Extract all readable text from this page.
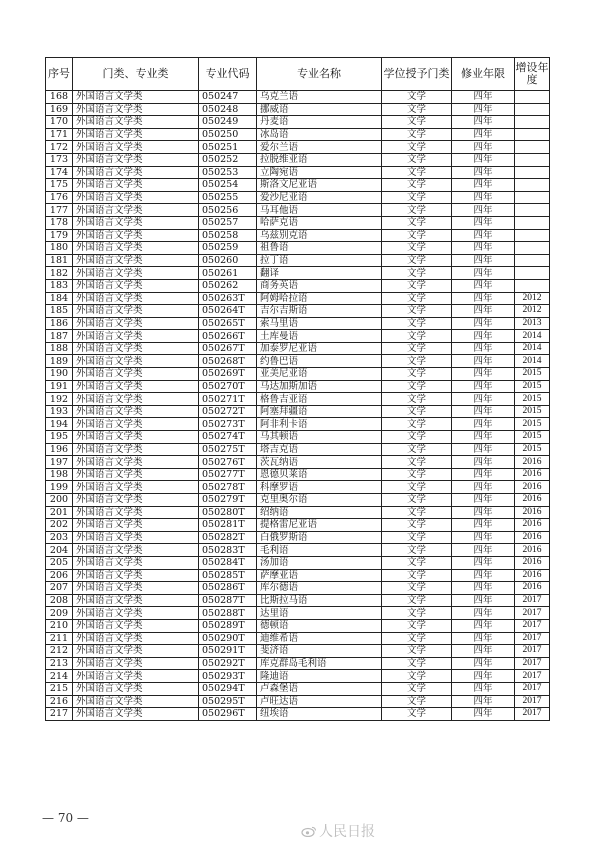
序号	门类、专业类	专业代码	专业名称	学位授予门类	修业年限	增设年度
168	外国语言文学类	050247	乌克兰语	文学	四年	
169	外国语言文学类	050248	挪威语	文学	四年	
170	外国语言文学类	050249	丹麦语	文学	四年	
171	外国语言文学类	050250	冰岛语	文学	四年	
172	外国语言文学类	050251	爱尔兰语	文学	四年	
173	外国语言文学类	050252	拉脱维亚语	文学	四年	
174	外国语言文学类	050253	立陶宛语	文学	四年	
175	外国语言文学类	050254	斯洛文尼亚语	文学	四年	
176	外国语言文学类	050255	爱沙尼亚语	文学	四年	
177	外国语言文学类	050256	马耳他语	文学	四年	
178	外国语言文学类	050257	哈萨克语	文学	四年	
179	外国语言文学类	050258	乌兹别克语	文学	四年	
180	外国语言文学类	050259	祖鲁语	文学	四年	
181	外国语言文学类	050260	拉丁语	文学	四年	
182	外国语言文学类	050261	翻译	文学	四年	
183	外国语言文学类	050262	商务英语	文学	四年	
184	外国语言文学类	050263T	阿姆哈拉语	文学	四年	2012
185	外国语言文学类	050264T	吉尔吉斯语	文学	四年	2012
186	外国语言文学类	050265T	索马里语	文学	四年	2013
187	外国语言文学类	050266T	土库曼语	文学	四年	2014
188	外国语言文学类	050267T	加泰罗尼亚语	文学	四年	2014
189	外国语言文学类	050268T	约鲁巴语	文学	四年	2014
190	外国语言文学类	050269T	亚美尼亚语	文学	四年	2015
191	外国语言文学类	050270T	马达加斯加语	文学	四年	2015
192	外国语言文学类	050271T	格鲁吉亚语	文学	四年	2015
193	外国语言文学类	050272T	阿塞拜疆语	文学	四年	2015
194	外国语言文学类	050273T	阿非利卡语	文学	四年	2015
195	外国语言文学类	050274T	马其顿语	文学	四年	2015
196	外国语言文学类	050275T	塔吉克语	文学	四年	2015
197	外国语言文学类	050276T	茨瓦纳语	文学	四年	2016
198	外国语言文学类	050277T	恩德贝莱语	文学	四年	2016
199	外国语言文学类	050278T	科摩罗语	文学	四年	2016
200	外国语言文学类	050279T	克里奥尔语	文学	四年	2016
201	外国语言文学类	050280T	绍纳语	文学	四年	2016
202	外国语言文学类	050281T	提格雷尼亚语	文学	四年	2016
203	外国语言文学类	050282T	白俄罗斯语	文学	四年	2016
204	外国语言文学类	050283T	毛利语	文学	四年	2016
205	外国语言文学类	050284T	汤加语	文学	四年	2016
206	外国语言文学类	050285T	萨摩亚语	文学	四年	2016
207	外国语言文学类	050286T	库尔德语	文学	四年	2016
208	外国语言文学类	050287T	比斯拉马语	文学	四年	2017
209	外国语言文学类	050288T	达里语	文学	四年	2017
210	外国语言文学类	050289T	德顿语	文学	四年	2017
211	外国语言文学类	050290T	迪维希语	文学	四年	2017
212	外国语言文学类	050291T	斐济语	文学	四年	2017
213	外国语言文学类	050292T	库克群岛毛利语	文学	四年	2017
214	外国语言文学类	050293T	隆迪语	文学	四年	2017
215	外国语言文学类	050294T	卢森堡语	文学	四年	2017
216	外国语言文学类	050295T	卢旺达语	文学	四年	2017
217	外国语言文学类	050296T	纽埃语	文学	四年	2017
— 70 —
人民日报
